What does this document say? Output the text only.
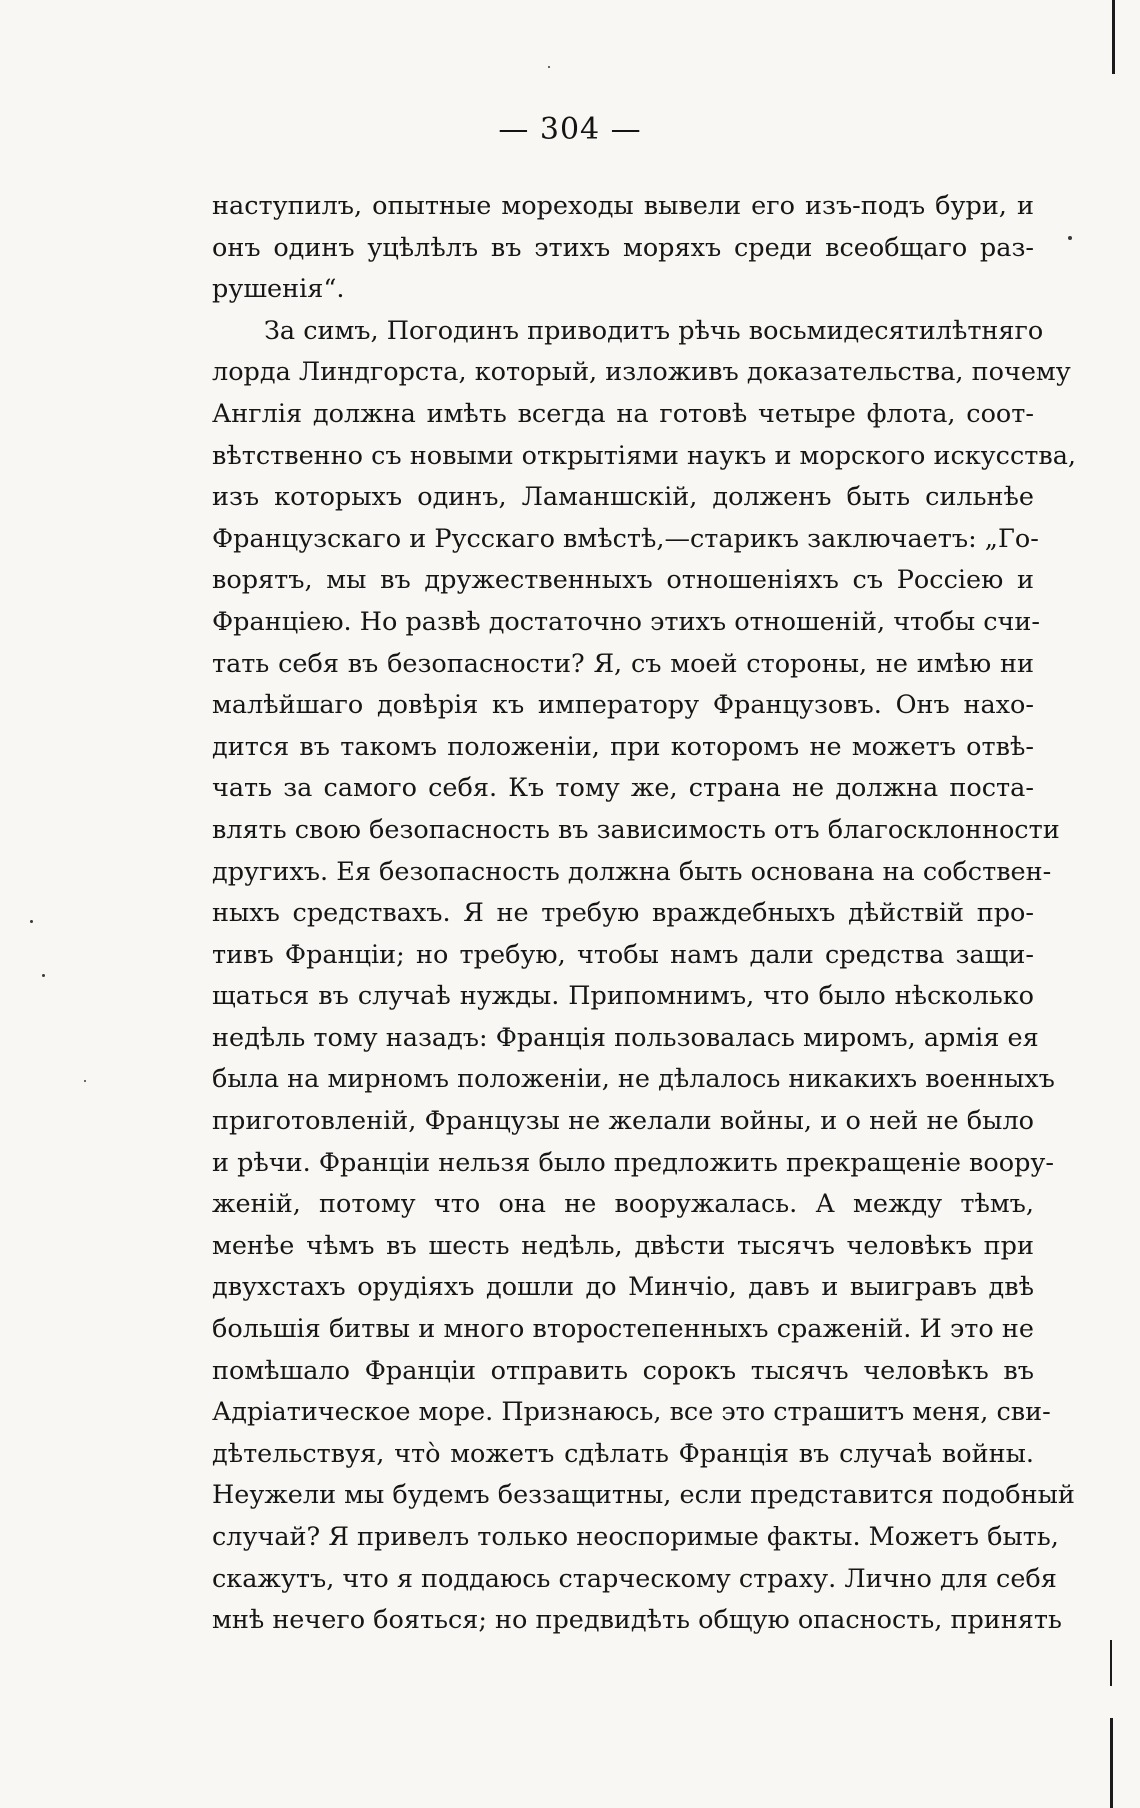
— 304 —
наступилъ, опытные мореходы вывели его изъ-подъ бури, и
онъ одинъ уцѣлѣлъ въ этихъ моряхъ среди всеобщаго раз-
рушенія“.
За симъ, Погодинъ приводитъ рѣчь восьмидесятилѣтняго
лорда Линдгорста, который, изложивъ доказательства, почему
Англія должна имѣть всегда на готовѣ четыре флота, соот-
вѣтственно съ новыми открытіями наукъ и морского искусства,
изъ которыхъ одинъ, Ламаншскій, долженъ быть сильнѣе
Французскаго и Русскаго вмѣстѣ,—старикъ заключаетъ: „Го-
ворятъ, мы въ дружественныхъ отношеніяхъ съ Россіею и
Франціею. Но развѣ достаточно этихъ отношеній, чтобы счи-
тать себя въ безопасности? Я, съ моей стороны, не имѣю ни
малѣйшаго довѣрія къ императору Французовъ. Онъ нахо-
дится въ такомъ положеніи, при которомъ не можетъ отвѣ-
чать за самого себя. Къ тому же, страна не должна поста-
влять свою безопасность въ зависимость отъ благосклонности
другихъ. Ея безопасность должна быть основана на собствен-
ныхъ средствахъ. Я не требую враждебныхъ дѣйствій про-
тивъ Франціи; но требую, чтобы намъ дали средства защи-
щаться въ случаѣ нужды. Припомнимъ, что было нѣсколько
недѣль тому назадъ: Франція пользовалась миромъ, армія ея
была на мирномъ положеніи, не дѣлалось никакихъ военныхъ
приготовленій, Французы не желали войны, и о ней не было
и рѣчи. Франціи нельзя было предложить прекращеніе воору-
женій, потому что она не вооружалась. А между тѣмъ,
менѣе чѣмъ въ шесть недѣль, двѣсти тысячъ человѣкъ при
двухстахъ орудіяхъ дошли до Минчіо, давъ и выигравъ двѣ
большія битвы и много второстепенныхъ сраженій. И это не
помѣшало Франціи отправить сорокъ тысячъ человѣкъ въ
Адріатическое море. Признаюсь, все это страшитъ меня, сви-
дѣтельствуя, что̀ можетъ сдѣлать Франція въ случаѣ войны.
Неужели мы будемъ беззащитны, если представится подобный
случай? Я привелъ только неоспоримые факты. Можетъ быть,
скажутъ, что я поддаюсь старческому страху. Лично для себя
мнѣ нечего бояться; но предвидѣть общую опасность, принять
